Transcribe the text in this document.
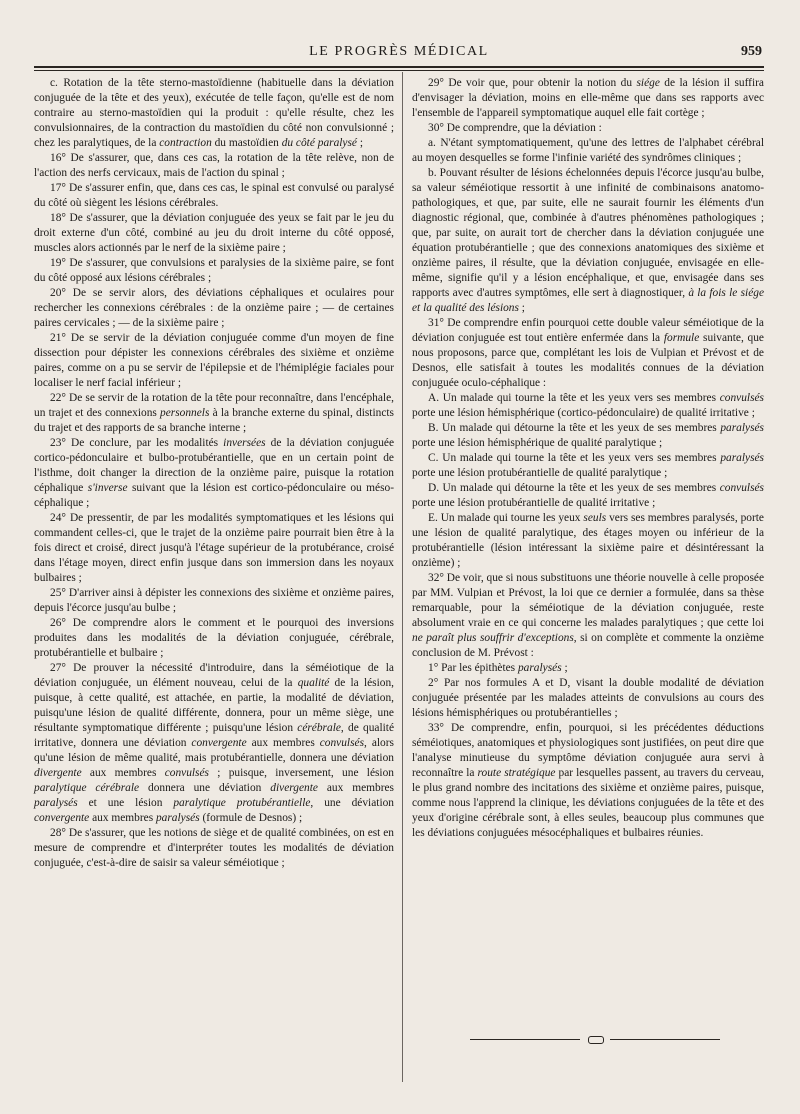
LE PROGRÈS MÉDICAL	959

c. Rotation de la tête sterno-mastoïdienne (habituelle dans la déviation conjuguée de la tête et des yeux), exécutée de telle façon, qu'elle est de nom contraire au sterno-mastoïdien qui la produit : qu'elle résulte, chez les convulsionnaires, de la contraction du mastoïdien du côté non convulsionné ; chez les paralytiques, de la contraction du mastoïdien du côté paralysé ;

16° De s'assurer, que, dans ces cas, la rotation de la tête relève, non de l'action des nerfs cervicaux, mais de l'action du spinal ;

17° De s'assurer enfin, que, dans ces cas, le spinal est convulsé ou paralysé du côté où siègent les lésions cérébrales.

18° De s'assurer, que la déviation conjuguée des yeux se fait par le jeu du droit externe d'un côté, combiné au jeu du droit interne du côté opposé, muscles alors actionnés par le nerf de la sixième paire ;

19° De s'assurer, que convulsions et paralysies de la sixième paire, se font du côté opposé aux lésions cérébrales ;

20° De se servir alors, des déviations céphaliques et oculaires pour rechercher les connexions cérébrales : de la onzième paire ; — de certaines paires cervicales ; — de la sixième paire ;

21° De se servir de la déviation conjuguée comme d'un moyen de fine dissection pour dépister les connexions cérébrales des sixième et onzième paires, comme on a pu se servir de l'épilepsie et de l'hémiplégie faciales pour localiser le nerf facial inférieur ;

22° De se servir de la rotation de la tête pour reconnaître, dans l'encéphale, un trajet et des connexions personnels à la branche externe du spinal, distincts du trajet et des rapports de sa branche interne ;

23° De conclure, par les modalités inversées de la déviation conjuguée cortico-pédonculaire et bulbo-protubérantielle, que en un certain point de l'isthme, doit changer la direction de la onzième paire, puisque la rotation céphalique s'inverse suivant que la lésion est cortico-pédonculaire ou méso-céphalique ;

24° De pressentir, de par les modalités symptomatiques et les lésions qui commandent celles-ci, que le trajet de la onzième paire pourrait bien être à la fois direct et croisé, direct jusqu'à l'étage supérieur de la protubérance, croisé dans l'étage moyen, direct enfin jusque dans son immersion dans les noyaux bulbaires ;

25° D'arriver ainsi à dépister les connexions des sixième et onzième paires, depuis l'écorce jusqu'au bulbe ;

26° De comprendre alors le comment et le pourquoi des inversions produites dans les modalités de la déviation conjuguée, cérébrale, protubérantielle et bulbaire ;

27° De prouver la nécessité d'introduire, dans la séméiotique de la déviation conjuguée, un élément nouveau, celui de la qualité de la lésion, puisque, à cette qualité, est attachée, en partie, la modalité de déviation, puisqu'une lésion de qualité différente, donnera, pour un même siège, une résultante symptomatique différente ; puisqu'une lésion cérébrale, de qualité irritative, donnera une déviation convergente aux membres convulsés, alors qu'une lésion de même qualité, mais protubérantielle, donnera une déviation divergente aux membres convulsés ; puisque, inversement, une lésion paralytique cérébrale donnera une déviation divergente aux membres paralysés et une lésion paralytique protubérantielle, une déviation convergente aux membres paralysés (formule de Desnos) ;

28° De s'assurer, que les notions de siège et de qualité combinées, on est en mesure de comprendre et d'interpréter toutes les modalités de déviation conjuguée, c'est-à-dire de saisir sa valeur séméiotique ;

29° De voir que, pour obtenir la notion du siége de la lésion il suffira d'envisager la déviation, moins en elle-même que dans ses rapports avec l'ensemble de l'appareil symptomatique auquel elle fait cortège ;

30° De comprendre, que la déviation :

a. N'étant symptomatiquement, qu'une des lettres de l'alphabet cérébral au moyen desquelles se forme l'infinie variété des syndrômes cliniques ;

b. Pouvant résulter de lésions échelonnées depuis l'écorce jusqu'au bulbe, sa valeur séméiotique ressortit à une infinité de combinaisons anatomo-pathologiques, et que, par suite, elle ne saurait fournir les éléments d'un diagnostic régional, que, combinée à d'autres phénomènes pathologiques ; que, par suite, on aurait tort de chercher dans la déviation conjuguée une équation protubérantielle ; que des connexions anatomiques des sixième et onzième paires, il résulte, que la déviation conjuguée, envisagée en elle-même, signifie qu'il y a lésion encéphalique, et que, envisagée dans ses rapports avec d'autres symptômes, elle sert à diagnostiquer, à la fois le siége et la qualité des lésions ;

31° De comprendre enfin pourquoi cette double valeur séméiotique de la déviation conjuguée est tout entière enfermée dans la formule suivante, que nous proposons, parce que, complétant les lois de Vulpian et Prévost et de Desnos, elle satisfait à toutes les modalités connues de la déviation conjuguée oculo-céphalique :

A. Un malade qui tourne la tête et les yeux vers ses membres convulsés porte une lésion hémisphérique (cortico-pédonculaire) de qualité irritative ;

B. Un malade qui détourne la tête et les yeux de ses membres paralysés porte une lésion hémisphérique de qualité paralytique ;

C. Un malade qui tourne la tête et les yeux vers ses membres paralysés porte une lésion protubérantielle de qualité paralytique ;

D. Un malade qui détourne la tête et les yeux de ses membres convulsés porte une lésion protubérantielle de qualité irritative ;

E. Un malade qui tourne les yeux seuls vers ses membres paralysés, porte une lésion de qualité paralytique, des étages moyen ou inférieur de la protubérantielle (lésion intéressant la sixième paire et désintéressant la onzième) ;

32° De voir, que si nous substituons une théorie nouvelle à celle proposée par MM. Vulpian et Prévost, la loi que ce dernier a formulée, dans sa thèse remarquable, pour la séméiotique de la déviation conjuguée, reste absolument vraie en ce qui concerne les malades paralytiques ; que cette loi ne paraît plus souffrir d'exceptions, si on complète et commente la onzième conclusion de M. Prévost :

1° Par les épithètes paralysés ;

2° Par nos formules A et D, visant la double modalité de déviation conjuguée présentée par les malades atteints de convulsions au cours des lésions hémisphériques ou protubérantielles ;

33° De comprendre, enfin, pourquoi, si les précédentes déductions séméiotiques, anatomiques et physiologiques sont justifiées, on peut dire que l'analyse minutieuse du symptôme déviation conjuguée aura servi à reconnaître la route stratégique par lesquelles passent, au travers du cerveau, le plus grand nombre des incitations des sixième et onzième paires, puisque, comme nous l'apprend la clinique, les déviations conjuguées de la tête et des yeux d'origine cérébrale sont, à elles seules, beaucoup plus communes que les déviations conjuguées mésocéphaliques et bulbaires réunies.
